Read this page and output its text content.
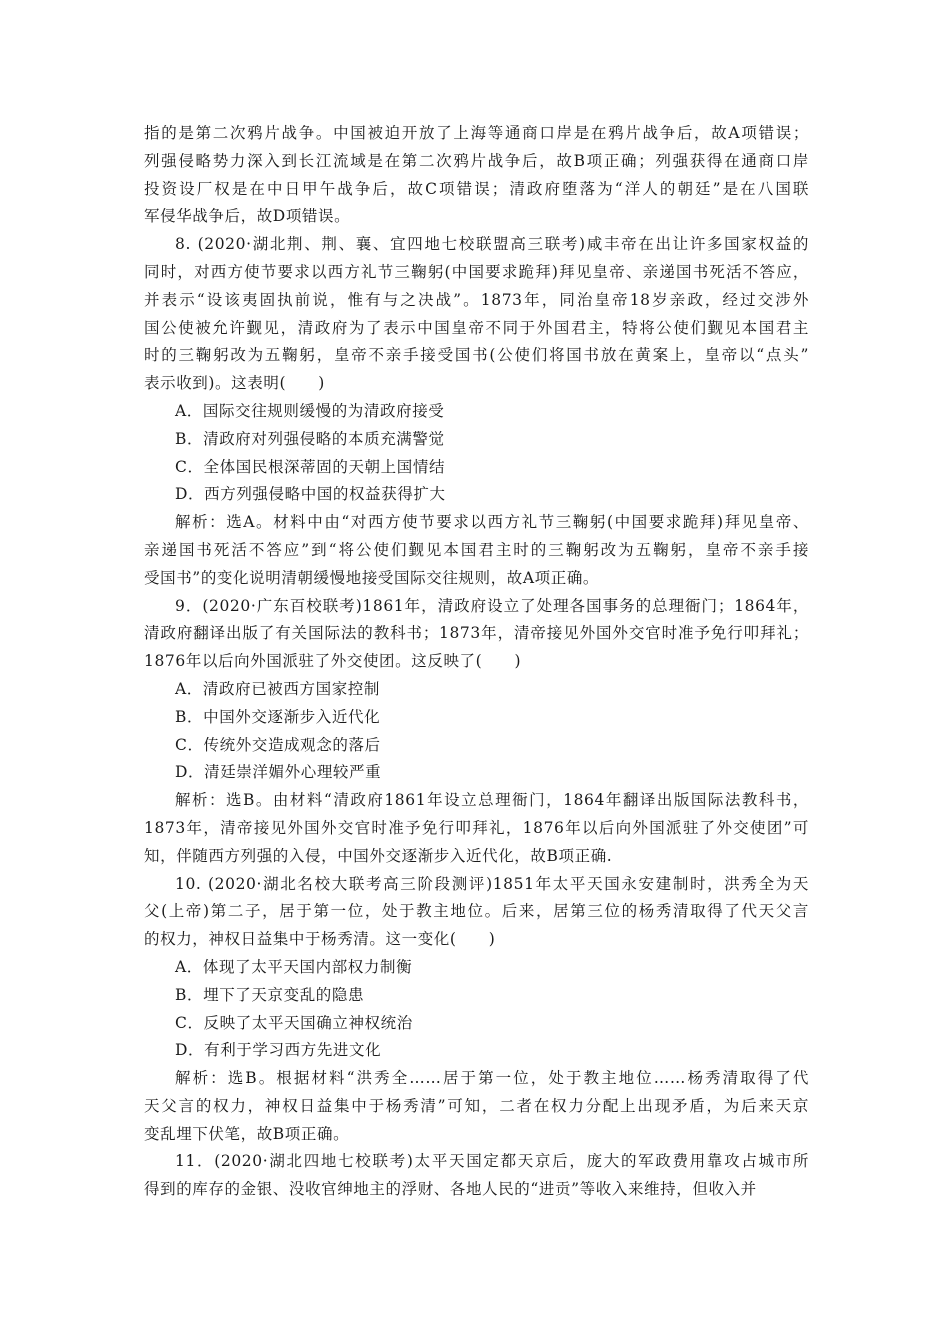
指的是第二次鸦片战争。中国被迫开放了上海等通商口岸是在鸦片战争后，故A项错误；
列强侵略势力深入到长江流域是在第二次鸦片战争后，故B项正确；列强获得在通商口岸
投资设厂权是在中日甲午战争后，故C项错误；清政府堕落为“洋人的朝廷”是在八国联
军侵华战争后，故D项错误。
8. (2020·湖北荆、荆、襄、宜四地七校联盟高三联考)咸丰帝在出让许多国家权益的
同时，对西方使节要求以西方礼节三鞠躬(中国要求跪拜)拜见皇帝、亲递国书死活不答应，
并表示“设该夷固执前说，惟有与之决战”。1873年，同治皇帝18岁亲政，经过交涉外
国公使被允许觐见，清政府为了表示中国皇帝不同于外国君主，特将公使们觐见本国君主
时的三鞠躬改为五鞠躬，皇帝不亲手接受国书(公使们将国书放在黄案上，皇帝以“点头”
表示收到)。这表明(　　)
A．国际交往规则缓慢的为清政府接受
B．清政府对列强侵略的本质充满警觉
C．全体国民根深蒂固的天朝上国情结
D．西方列强侵略中国的权益获得扩大
解析：选A。材料中由“对西方使节要求以西方礼节三鞠躬(中国要求跪拜)拜见皇帝、
亲递国书死活不答应”到“将公使们觐见本国君主时的三鞠躬改为五鞠躬，皇帝不亲手接
受国书”的变化说明清朝缓慢地接受国际交往规则，故A项正确。
9．(2020·广东百校联考)1861年，清政府设立了处理各国事务的总理衙门；1864年，
清政府翻译出版了有关国际法的教科书；1873年，清帝接见外国外交官时准予免行叩拜礼；
1876年以后向外国派驻了外交使团。这反映了(　　)
A．清政府已被西方国家控制
B．中国外交逐渐步入近代化
C．传统外交造成观念的落后
D．清廷崇洋媚外心理较严重
解析：选B。由材料“清政府1861年设立总理衙门，1864年翻译出版国际法教科书，
1873年，清帝接见外国外交官时准予免行叩拜礼，1876年以后向外国派驻了外交使团”可
知，伴随西方列强的入侵，中国外交逐渐步入近代化，故B项正确.
10. (2020·湖北名校大联考高三阶段测评)1851年太平天国永安建制时，洪秀全为天
父(上帝)第二子，居于第一位，处于教主地位。后来，居第三位的杨秀清取得了代天父言
的权力，神权日益集中于杨秀清。这一变化(　　)
A．体现了太平天国内部权力制衡
B．埋下了天京变乱的隐患
C．反映了太平天国确立神权统治
D．有利于学习西方先进文化
解析：选B。根据材料“洪秀全……居于第一位，处于教主地位……杨秀清取得了代
天父言的权力，神权日益集中于杨秀清”可知，二者在权力分配上出现矛盾，为后来天京
变乱埋下伏笔，故B项正确。
11．(2020·湖北四地七校联考)太平天国定都天京后，庞大的军政费用靠攻占城市所
得到的库存的金银、没收官绅地主的浮财、各地人民的“进贡”等收入来维持，但收入并
